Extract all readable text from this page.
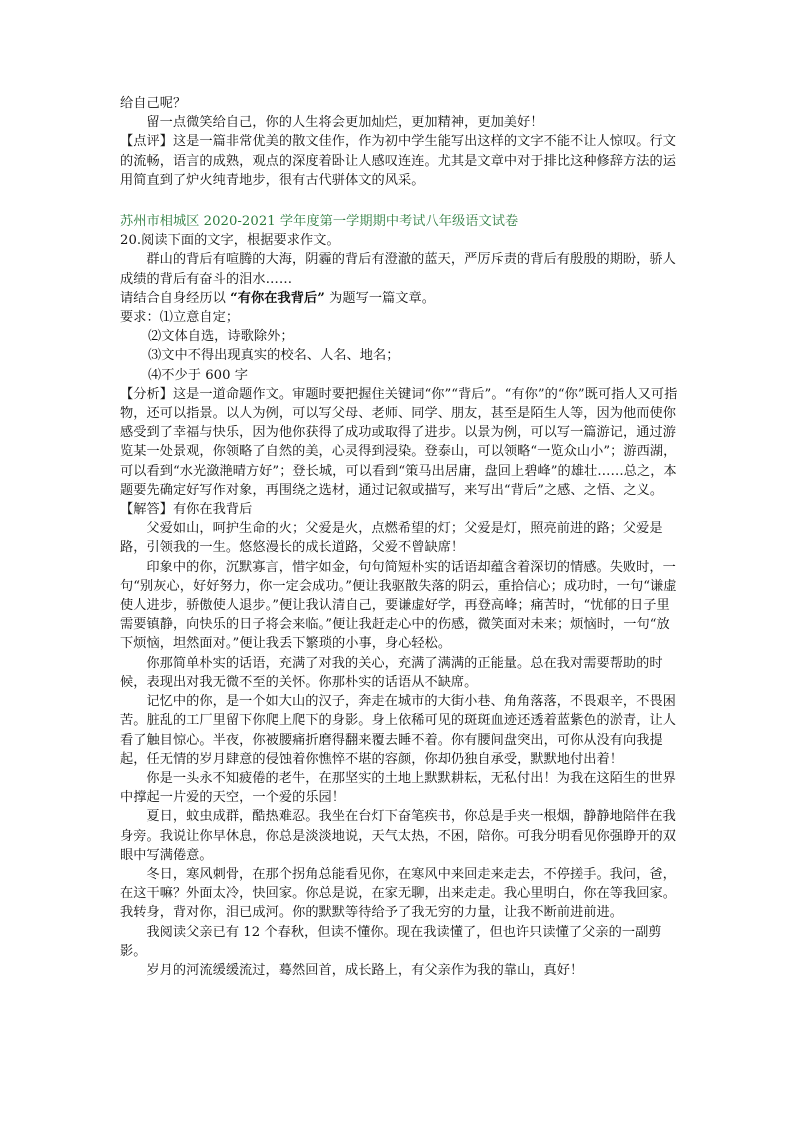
给自己呢？

留一点微笑给自己，你的人生将会更加灿烂，更加精神，更加美好！

【点评】这是一篇非常优美的散文佳作，作为初中学生能写出这样的文字不能不让人惊叹。行文的流畅，语言的成熟，观点的深度着卧让人感叹连连。尤其是文章中对于排比这种修辞方法的运用简直到了炉火纯青地步，很有古代骈体文的风采。

苏州市相城区 2020-2021 学年度第一学期期中考试八年级语文试卷

20.阅读下面的文字，根据要求作文。

群山的背后有喧腾的大海，阴霾的背后有澄澈的蓝天，严厉斥责的背后有殷殷的期盼，骄人成绩的背后有奋斗的泪水……

请结合自身经历以 “有你在我背后” 为题写一篇文章。

要求：⑴立意自定；

⑵文体自选，诗歌除外；

⑶文中不得出现真实的校名、人名、地名；

⑷不少于 600 字

【分析】这是一道命题作文。审题时要把握住关键词“你”“背后”。“有你”的“你”既可指人又可指物，还可以指景。以人为例，可以写父母、老师、同学、朋友，甚至是陌生人等，因为他而使你感受到了幸福与快乐，因为他你获得了成功或取得了进步。以景为例，可以写一篇游记，通过游览某一处景观，你领略了自然的美，心灵得到浸染。登泰山，可以领略“一览众山小”；游西湖，可以看到“水光潋滟晴方好”；登长城，可以看到“策马出居庸，盘回上碧峰”的雄壮……总之，本题要先确定好写作对象，再围绕之选材，通过记叙或描写，来写出“背后”之感、之悟、之义。

【解答】有你在我背后

父爱如山，呵护生命的火；父爱是火，点燃希望的灯；父爱是灯，照亮前进的路；父爱是路，引领我的一生。悠悠漫长的成长道路，父爱不曾缺席！

印象中的你，沉默寡言，惜字如金，句句简短朴实的话语却蕴含着深切的情感。失败时，一句“别灰心，好好努力，你一定会成功。”便让我驱散失落的阴云，重拾信心；成功时，一句“谦虚使人进步，骄傲使人退步。”便让我认清自己，要谦虚好学，再登高峰；痛苦时，“忧郁的日子里需要镇静，向快乐的日子将会来临。”便让我赶走心中的伤感，微笑面对未来；烦恼时，一句“放下烦恼，坦然面对。”便让我丢下繁琐的小事，身心轻松。

你那简单朴实的话语，充满了对我的关心，充满了满满的正能量。总在我对需要帮助的时候，表现出对我无微不至的关怀。你那朴实的话语从不缺席。

记忆中的你，是一个如大山的汉子，奔走在城市的大街小巷、角角落落，不畏艰辛，不畏困苦。脏乱的工厂里留下你爬上爬下的身影。身上依稀可见的斑斑血迹还透着蓝紫色的淤青，让人看了触目惊心。半夜，你被腰痛折磨得翻来覆去睡不着。你有腰间盘突出，可你从没有向我提起，任无情的岁月肆意的侵蚀着你憔悴不堪的容颜，你却仍独自承受，默默地付出着！

你是一头永不知疲倦的老牛，在那坚实的土地上默默耕耘，无私付出！为我在这陌生的世界中撑起一片爱的天空，一个爱的乐园！

夏日，蚊虫成群，酷热难忍。我坐在台灯下奋笔疾书，你总是手夹一根烟，静静地陪伴在我身旁。我说让你早休息，你总是淡淡地说，天气太热，不困，陪你。可我分明看见你强睁开的双眼中写满倦意。

冬日，寒风刺骨，在那个拐角总能看见你，在寒风中来回走来走去，不停搓手。我问，爸，在这干嘛？外面太冷，快回家。你总是说，在家无聊，出来走走。我心里明白，你在等我回家。我转身，背对你，泪已成河。你的默默等待给予了我无穷的力量，让我不断前进前进。

我阅读父亲已有 12 个春秋，但读不懂你。现在我读懂了，但也许只读懂了父亲的一副剪影。

岁月的河流缓缓流过，蓦然回首，成长路上，有父亲作为我的靠山，真好！
